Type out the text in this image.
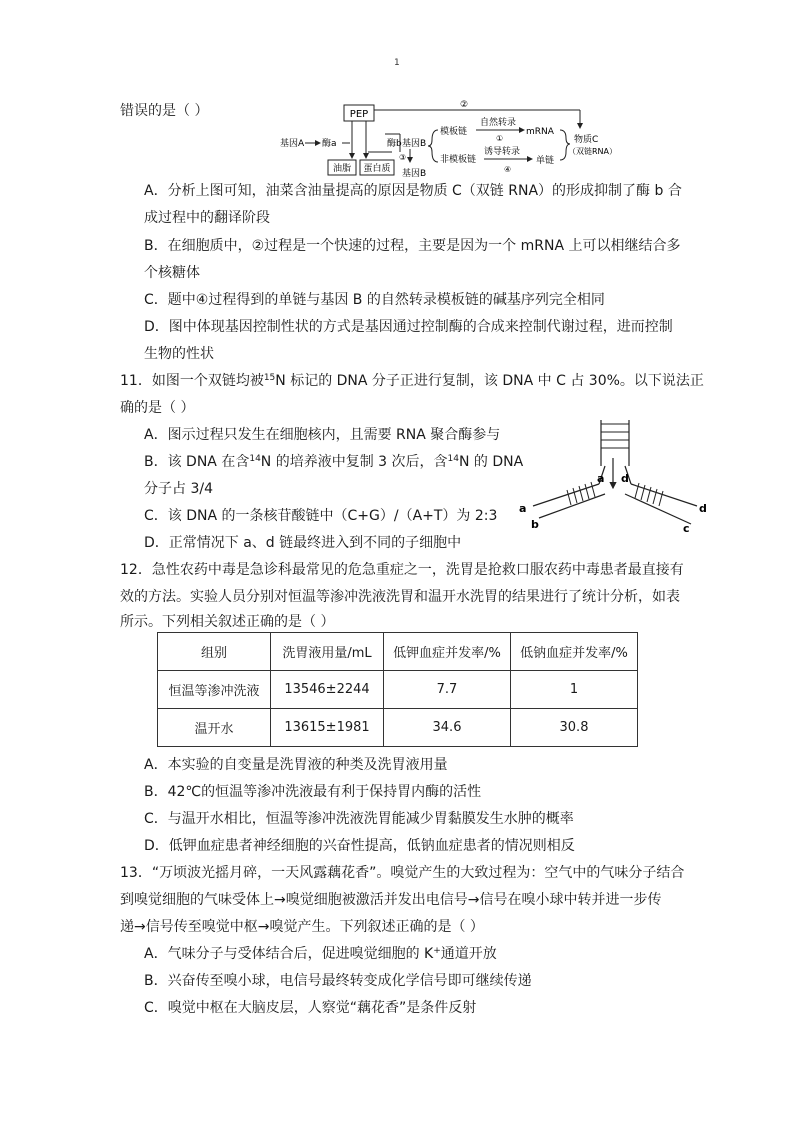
1
错误的是（ ）	PEP
②
基因A 酶a
油脂 蛋白质
酶b 基因B
③
基因B
模板链
自然转录
①
mRNA
非模板链
诱导转录
④
单链
物质C
（双链RNA）
A．分析上图可知，油菜含油量提高的原因是物质 C（双链 RNA）的形成抑制了酶 b 合
成过程中的翻译阶段
B．在细胞质中，②过程是一个快速的过程，主要是因为一个 mRNA 上可以相继结合多
个核糖体
C．题中④过程得到的单链与基因 B 的自然转录模板链的碱基序列完全相同
D．图中体现基因控制性状的方式是基因通过控制酶的合成来控制代谢过程，进而控制
生物的性状
11．如图一个双链均被$^{15}$N 标记的 DNA 分子正进行复制，该 DNA 中 C 占 30%。以下说法正
确的是（ ）
A．图示过程只发生在细胞核内，且需要 RNA 聚合酶参与
B．该 DNA 在含$^{14}$N 的培养液中复制 3 次后，含$^{14}$N 的 DNA
分子占 3/4
C．该 DNA 的一条核苷酸链中（C+G）/（A+T）为 2:3
D．正常情况下 a、d 链最终进入到不同的子细胞中
a d
a
b
d
c
12．急性农药中毒是急诊科最常见的危急重症之一，洗胃是抢救口服农药中毒患者最直接有
效的方法。实验人员分别对恒温等渗冲洗液洗胃和温开水洗胃的结果进行了统计分析，如表
所示。下列相关叙述正确的是（ ）
组别	洗胃液用量/mL	低钾血症并发率/%	低钠血症并发率/%
恒温等渗冲洗液	13546±2244	7.7	1
温开水	13615±1981	34.6	30.8
A．本实验的自变量是洗胃液的种类及洗胃液用量
B．42℃的恒温等渗冲洗液最有利于保持胃内酶的活性
C．与温开水相比，恒温等渗冲洗液洗胃能减少胃黏膜发生水肿的概率
D．低钾血症患者神经细胞的兴奋性提高，低钠血症患者的情况则相反
13．“万顷波光摇月碎，一天风露藕花香”。嗅觉产生的大致过程为：空气中的气味分子结合
到嗅觉细胞的气味受体上→嗅觉细胞被激活并发出电信号→信号在嗅小球中转并进一步传
递→信号传至嗅觉中枢→嗅觉产生。下列叙述正确的是（ ）
A．气味分子与受体结合后，促进嗅觉细胞的 K+通道开放
B．兴奋传至嗅小球，电信号最终转变成化学信号即可继续传递
C．嗅觉中枢在大脑皮层，人察觉“藕花香”是条件反射
